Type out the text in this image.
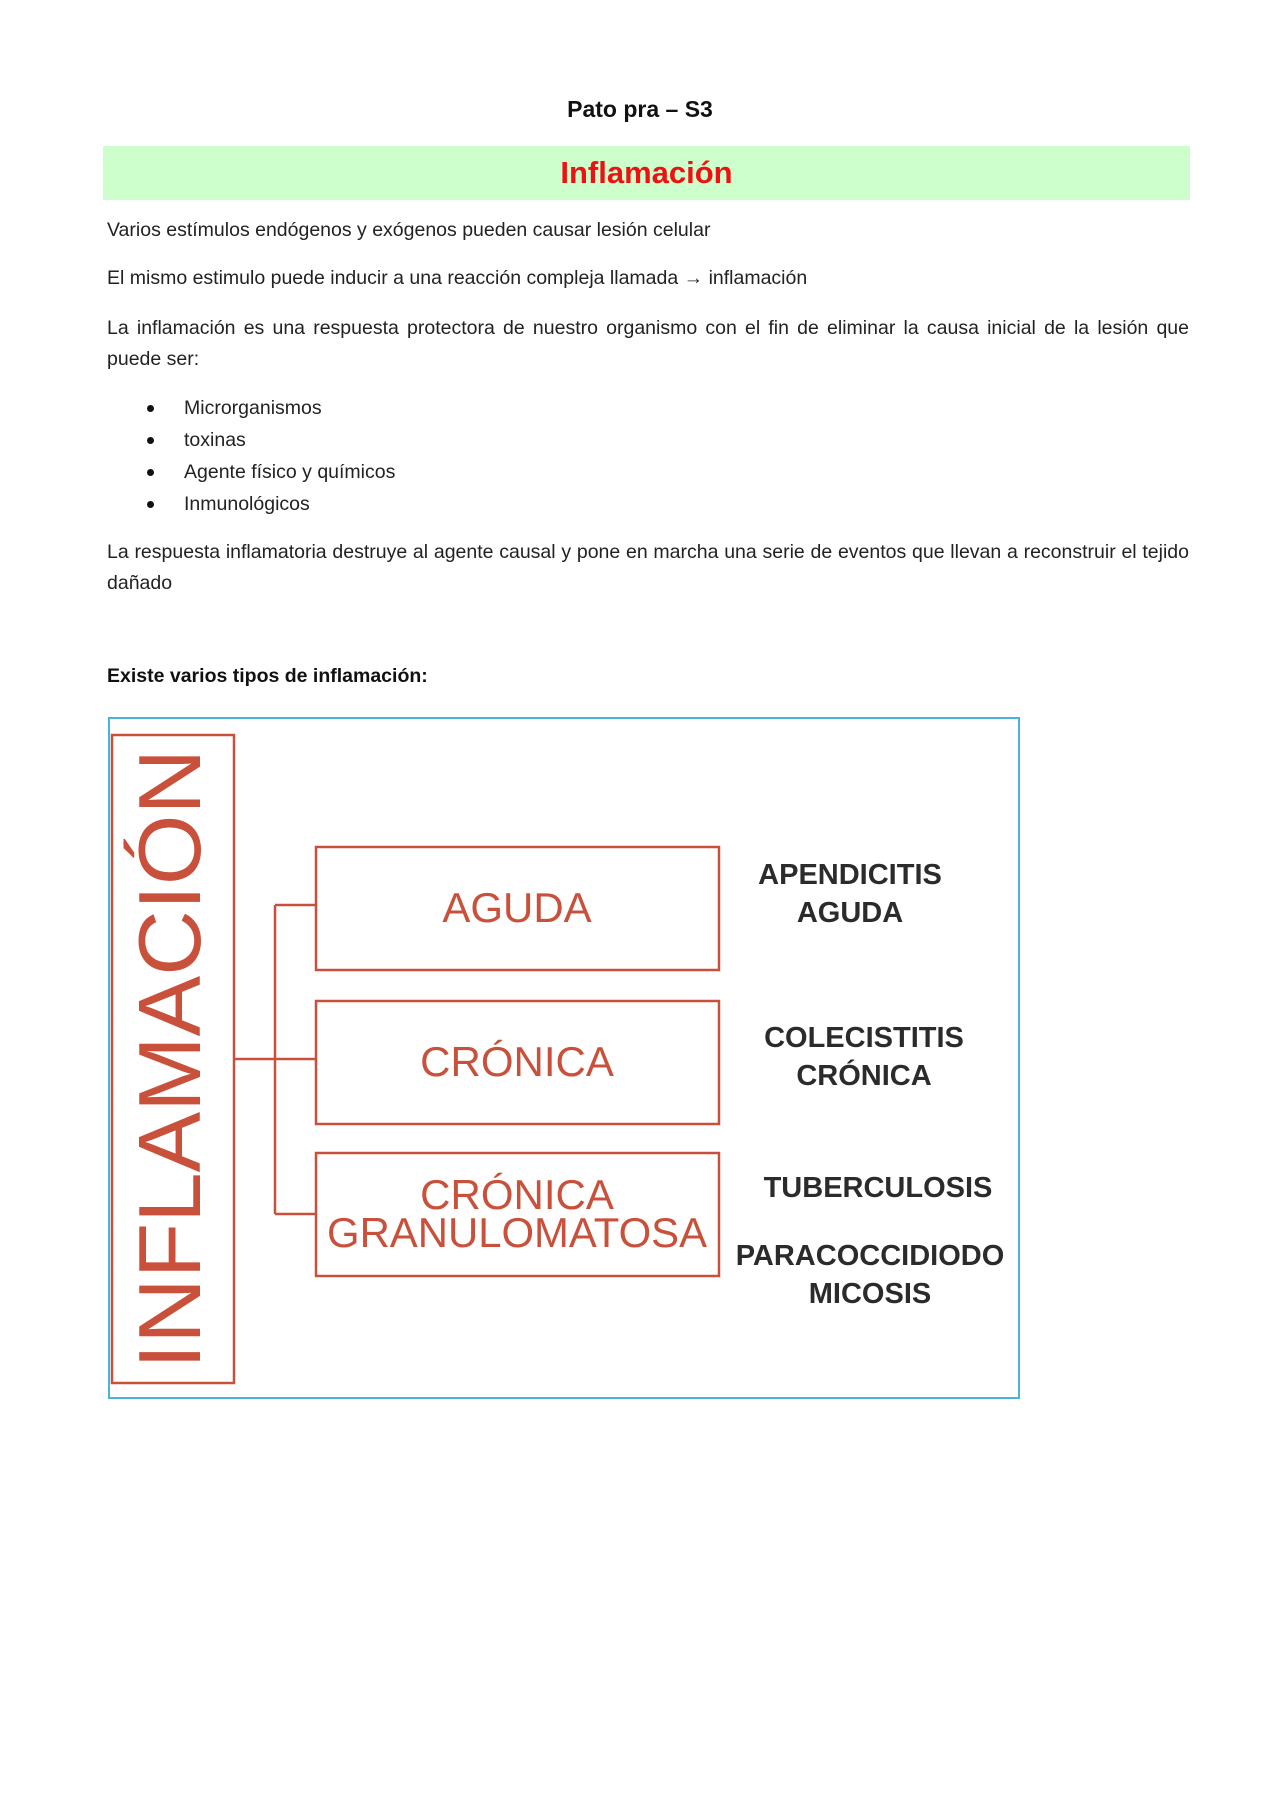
Pato pra – S3
Inflamación

Varios estímulos endógenos y exógenos pueden causar lesión celular

El mismo estimulo puede inducir a una reacción compleja llamada → inflamación

La inflamación es una respuesta protectora de nuestro organismo con el fin de eliminar la causa inicial de la lesión que puede ser:

Microrganismos
toxinas
Agente físico y químicos
Inmunológicos

La respuesta inflamatoria destruye al agente causal y pone en marcha una serie de eventos que llevan a reconstruir el tejido dañado

Existe varios tipos de inflamación:
INFLAMACIÓN	AGUDA
CRÓNICA
CRÓNICA
GRANULOMATOSA
APENDICITIS
AGUDA
COLECISTITIS
CRÓNICA
TUBERCULOSIS
PARACOCCIDIODO
MICOSIS
